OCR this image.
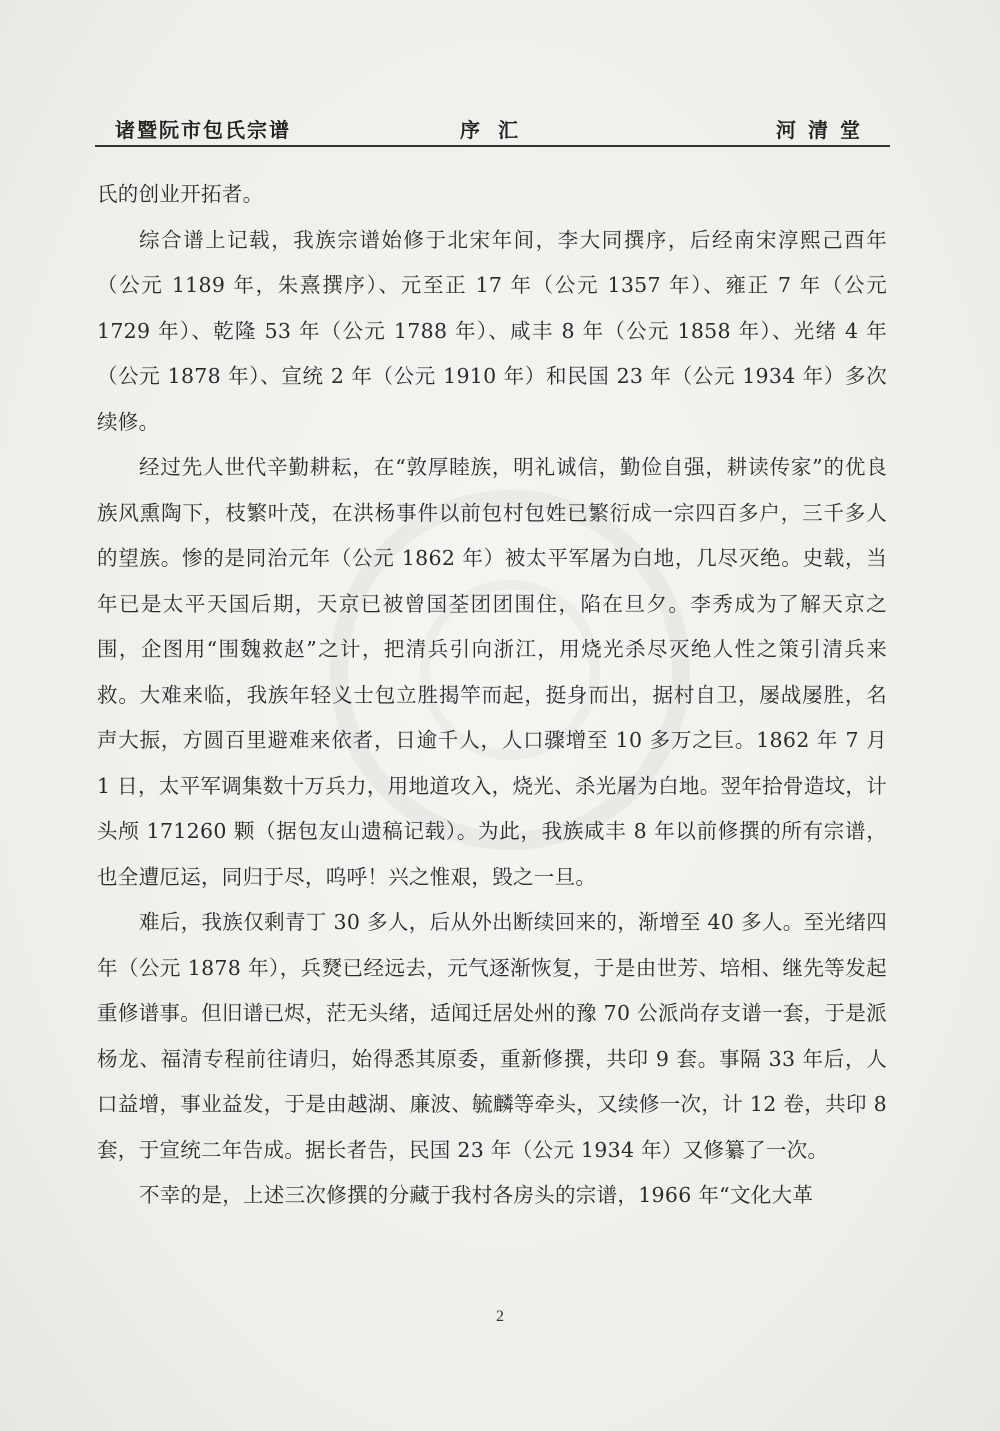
诸暨阮市包氏宗谱	序汇	河清堂

氏的创业开拓者。

综合谱上记载，我族宗谱始修于北宋年间，李大同撰序，后经南宋淳熙己酉年（公元 1189 年，朱熹撰序）、元至正 17 年（公元 1357 年）、雍正 7 年（公元 1729 年）、乾隆 53 年（公元 1788 年）、咸丰 8 年（公元 1858 年）、光绪 4 年（公元 1878 年）、宣统 2 年（公元 1910 年）和民国 23 年（公元 1934 年）多次续修。

经过先人世代辛勤耕耘，在“敦厚睦族，明礼诚信，勤俭自强，耕读传家”的优良族风熏陶下，枝繁叶茂，在洪杨事件以前包村包姓已繁衍成一宗四百多户，三千多人的望族。惨的是同治元年（公元 1862 年）被太平军屠为白地，几尽灭绝。史载，当年已是太平天国后期，天京已被曾国荃团团围住，陷在旦夕。李秀成为了解天京之围，企图用“围魏救赵”之计，把清兵引向浙江，用烧光杀尽灭绝人性之策引清兵来救。大难来临，我族年轻义士包立胜揭竿而起，挺身而出，据村自卫，屡战屡胜，名声大振，方圆百里避难来依者，日逾千人，人口骤增至 10 多万之巨。1862 年 7 月 1 日，太平军调集数十万兵力，用地道攻入，烧光、杀光屠为白地。翌年拾骨造坟，计头颅 171260 颗（据包友山遗稿记载）。为此，我族咸丰 8 年以前修撰的所有宗谱，也全遭厄运，同归于尽，呜呼！兴之惟艰，毁之一旦。

难后，我族仅剩青丁 30 多人，后从外出断续回来的，渐增至 40 多人。至光绪四年（公元 1878 年），兵燹已经远去，元气逐渐恢复，于是由世芳、培相、继先等发起重修谱事。但旧谱已烬，茫无头绪，适闻迁居处州的豫 70 公派尚存支谱一套，于是派杨龙、福清专程前往请归，始得悉其原委，重新修撰，共印 9 套。事隔 33 年后，人口益增，事业益发，于是由越湖、廉波、毓麟等牵头，又续修一次，计 12 卷，共印 8 套，于宣统二年告成。据长者告，民国 23 年（公元 1934 年）又修纂了一次。

不幸的是，上述三次修撰的分藏于我村各房头的宗谱，1966 年“文化大革

2
